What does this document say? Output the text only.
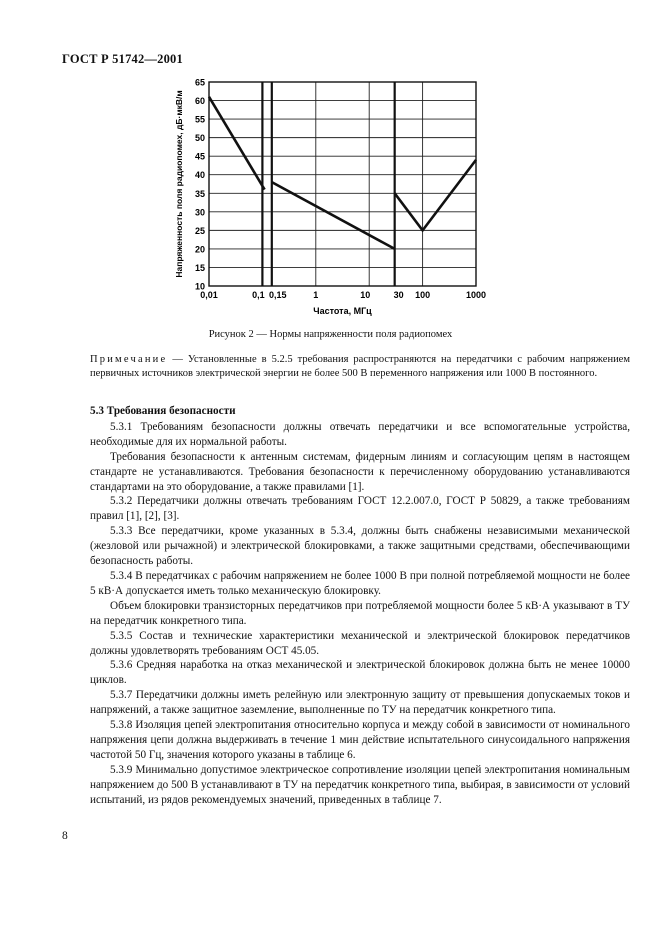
ГОСТ Р 51742—2001
10
15
20
25
30
35
40
45
50
55
60
65
0,01	0,1 0,15	1	10	30 100	1000
Частота, МГц
Напряженность поля радиопомех, дБ·мкВ/м
Рисунок 2 — Нормы напряженности поля радиопомех
Примечание — Установленные в 5.2.5 требования распространяются на передатчики с рабочим напряжением первичных источников электрической энергии не более 500 В переменного напряжения или 1000 В постоянного.
5.3 Требования безопасности

5.3.1 Требованиям безопасности должны отвечать передатчики и все вспомогательные устройства, необходимые для их нормальной работы.

Требования безопасности к антенным системам, фидерным линиям и согласующим цепям в настоящем стандарте не устанавливаются. Требования безопасности к перечисленному оборудованию устанавливаются стандартами на это оборудование, а также правилами [1].

5.3.2 Передатчики должны отвечать требованиям ГОСТ 12.2.007.0, ГОСТ Р 50829, а также требованиям правил [1], [2], [3].

5.3.3 Все передатчики, кроме указанных в 5.3.4, должны быть снабжены независимыми механической (жезловой или рычажной) и электрической блокировками, а также защитными средствами, обеспечивающими безопасность работы.

5.3.4 В передатчиках с рабочим напряжением не более 1000 В при полной потребляемой мощности не более 5 кВ·А допускается иметь только механическую блокировку.

Объем блокировки транзисторных передатчиков при потребляемой мощности более 5 кВ·А указывают в ТУ на передатчик конкретного типа.

5.3.5 Состав и технические характеристики механической и электрической блокировок передатчиков должны удовлетворять требованиям ОСТ 45.05.

5.3.6 Средняя наработка на отказ механической и электрической блокировок должна быть не менее 10000 циклов.

5.3.7 Передатчики должны иметь релейную или электронную защиту от превышения допускаемых токов и напряжений, а также защитное заземление, выполненные по ТУ на передатчик конкретного типа.

5.3.8 Изоляция цепей электропитания относительно корпуса и между собой в зависимости от номинального напряжения цепи должна выдерживать в течение 1 мин действие испытательного синусоидального напряжения частотой 50 Гц, значения которого указаны в таблице 6.

5.3.9 Минимально допустимое электрическое сопротивление изоляции цепей электропитания номинальным напряжением до 500 В устанавливают в ТУ на передатчик конкретного типа, выбирая, в зависимости от условий испытаний, из рядов рекомендуемых значений, приведенных в таблице 7.

8
